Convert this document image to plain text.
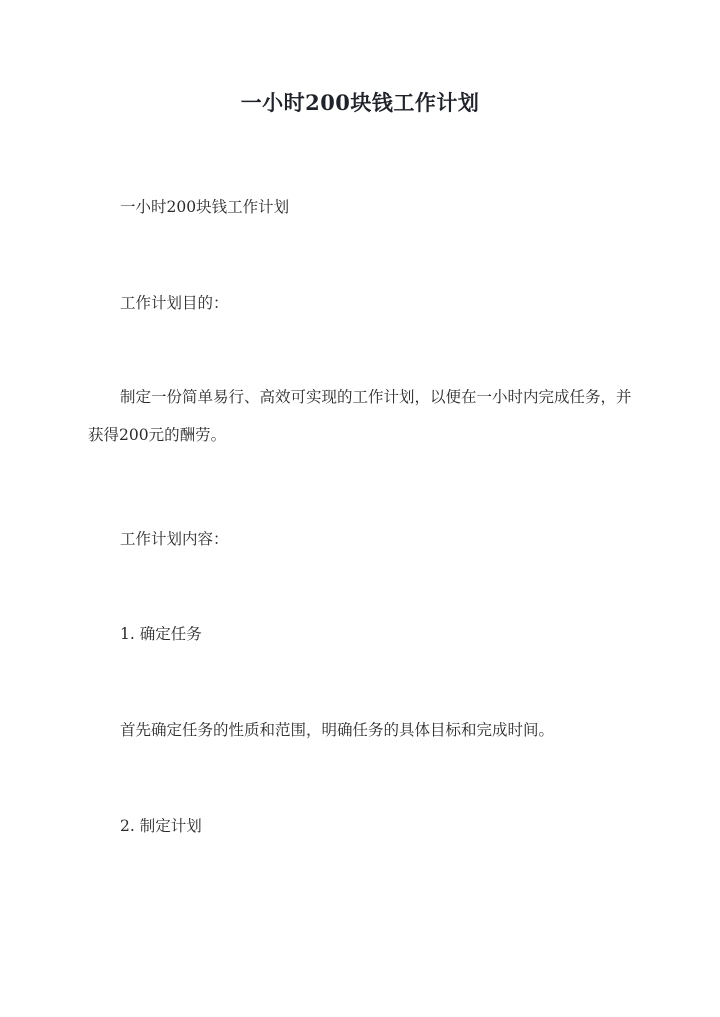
一小时200块钱工作计划
一小时200块钱工作计划
工作计划目的：
制定一份简单易行、高效可实现的工作计划，以便在一小时内完成任务，并获得200元的酬劳。
工作计划内容：
1. 确定任务
首先确定任务的性质和范围，明确任务的具体目标和完成时间。
2. 制定计划
